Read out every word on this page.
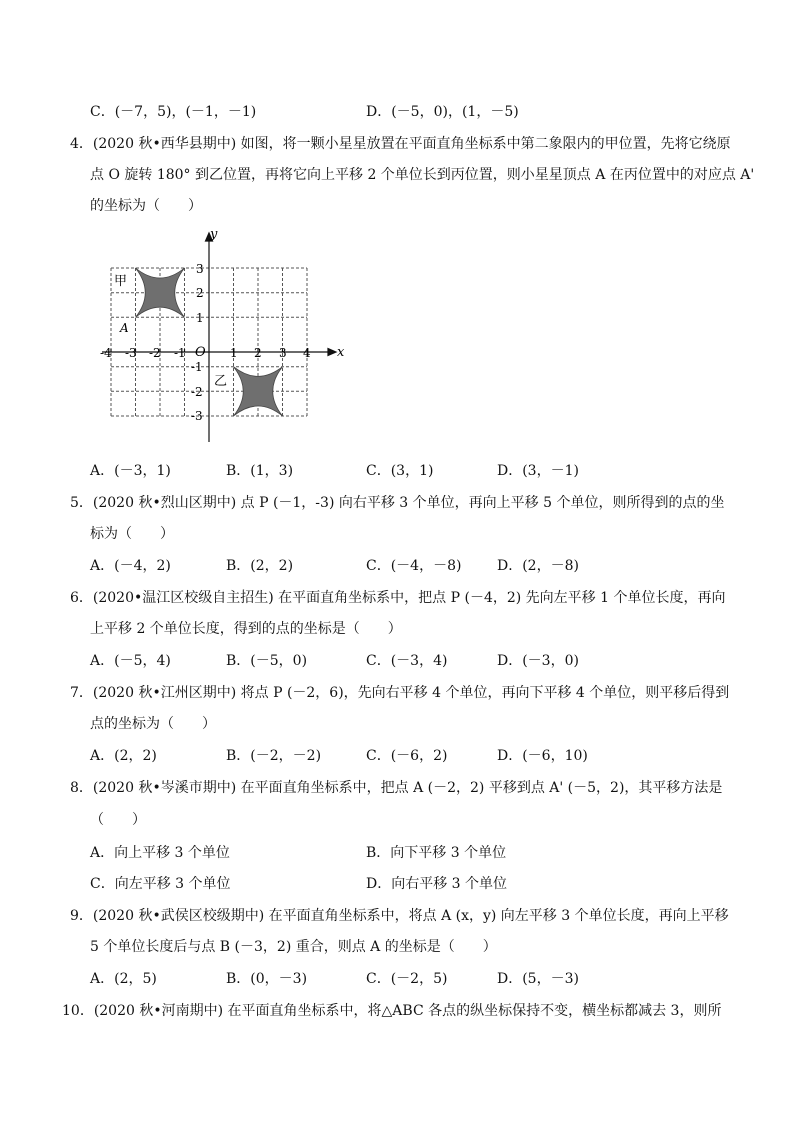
C．(－7，5)，(－1，－1)	D．(－5，0)，(1，－5)
4．(2020 秋•西华县期中) 如图，将一颗小星星放置在平面直角坐标系中第二象限内的甲位置，先将它绕原
点 O 旋转 180° 到乙位置，再将它向上平移 2 个单位长到丙位置，则小星星顶点 A 在丙位置中的对应点 A'
的坐标为（　　）
y
x
O
-4 -3 -2 -1	1 2 3 4
3
2
1
-1
-2
-3
甲
乙
A
A．(－3，1)	B．(1，3)	C．(3，1)	D．(3，－1)
5．(2020 秋•烈山区期中) 点 P (－1，-3) 向右平移 3 个单位，再向上平移 5 个单位，则所得到的点的坐
标为（　　）
A．(－4，2)	B．(2，2)	C．(－4，－8)	D．(2，－8)
6．(2020•温江区校级自主招生) 在平面直角坐标系中，把点 P (－4，2) 先向左平移 1 个单位长度，再向
上平移 2 个单位长度，得到的点的坐标是（　　）
A．(－5，4)	B．(－5，0)	C．(－3，4)	D．(－3，0)
7．(2020 秋•江州区期中) 将点 P (－2，6)，先向右平移 4 个单位，再向下平移 4 个单位，则平移后得到
点的坐标为（　　）
A．(2，2)	B．(－2，－2)	C．(－6，2)	D．(－6，10)
8．(2020 秋•岑溪市期中) 在平面直角坐标系中，把点 A (－2，2) 平移到点 A' (－5，2)，其平移方法是
（　　）
A．向上平移 3 个单位	B．向下平移 3 个单位
C．向左平移 3 个单位	D．向右平移 3 个单位
9．(2020 秋•武侯区校级期中) 在平面直角坐标系中，将点 A (x，y) 向左平移 3 个单位长度，再向上平移
5 个单位长度后与点 B (－3，2) 重合，则点 A 的坐标是（　　）
A．(2，5)	B．(0，－3)	C．(－2，5)	D．(5，－3)
10．(2020 秋•河南期中) 在平面直角坐标系中，将△ABC 各点的纵坐标保持不变，横坐标都减去 3，则所
